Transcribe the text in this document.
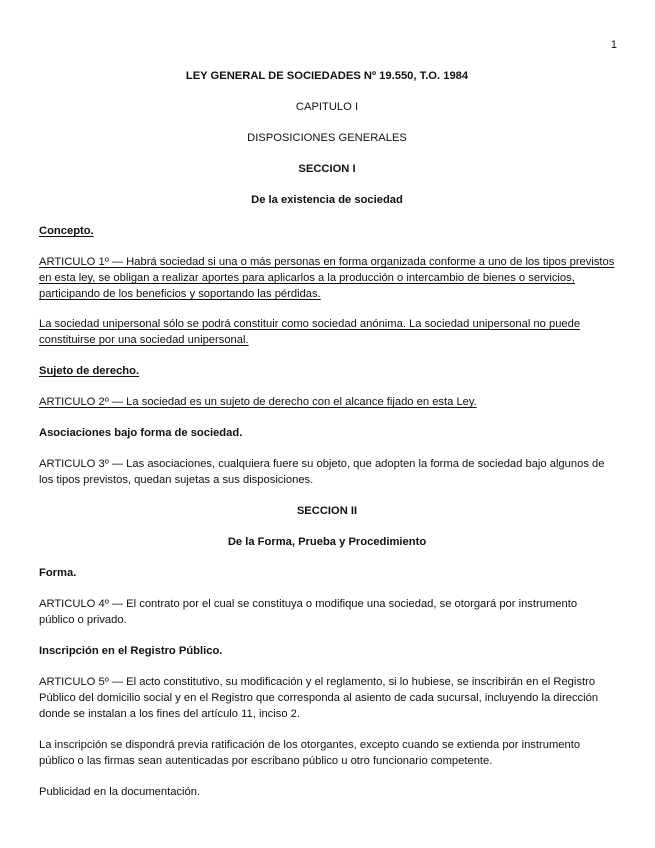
1

LEY GENERAL DE SOCIEDADES Nº 19.550, T.O. 1984

CAPITULO I

DISPOSICIONES GENERALES

SECCION I

De la existencia de sociedad

Concepto.

ARTICULO 1º — Habrá sociedad si una o más personas en forma organizada conforme a uno de los tipos previstos en esta ley, se obligan a realizar aportes para aplicarlos a la producción o intercambio de bienes o servicios, participando de los beneficios y soportando las pérdidas.

La sociedad unipersonal sólo se podrá constituir como sociedad anónima. La sociedad unipersonal no puede constituirse por una sociedad unipersonal.

Sujeto de derecho.

ARTICULO 2º — La sociedad es un sujeto de derecho con el alcance fijado en esta Ley.

Asociaciones bajo forma de sociedad.

ARTICULO 3º — Las asociaciones, cualquiera fuere su objeto, que adopten la forma de sociedad bajo algunos de los tipos previstos, quedan sujetas a sus disposiciones.

SECCION II

De la Forma, Prueba y Procedimiento

Forma.

ARTICULO 4º — El contrato por el cual se constituya o modifique una sociedad, se otorgará por instrumento público o privado.

Inscripción en el Registro Público.

ARTICULO 5º — El acto constitutivo, su modificación y el reglamento, si lo hubiese, se inscribirán en el Registro Público del domicilio social y en el Registro que corresponda al asiento de cada sucursal, incluyendo la dirección donde se instalan a los fines del artículo 11, inciso 2.

La inscripción se dispondrá previa ratificación de los otorgantes, excepto cuando se extienda por instrumento público o las firmas sean autenticadas por escribano público u otro funcionario competente.

Publicidad en la documentación.
